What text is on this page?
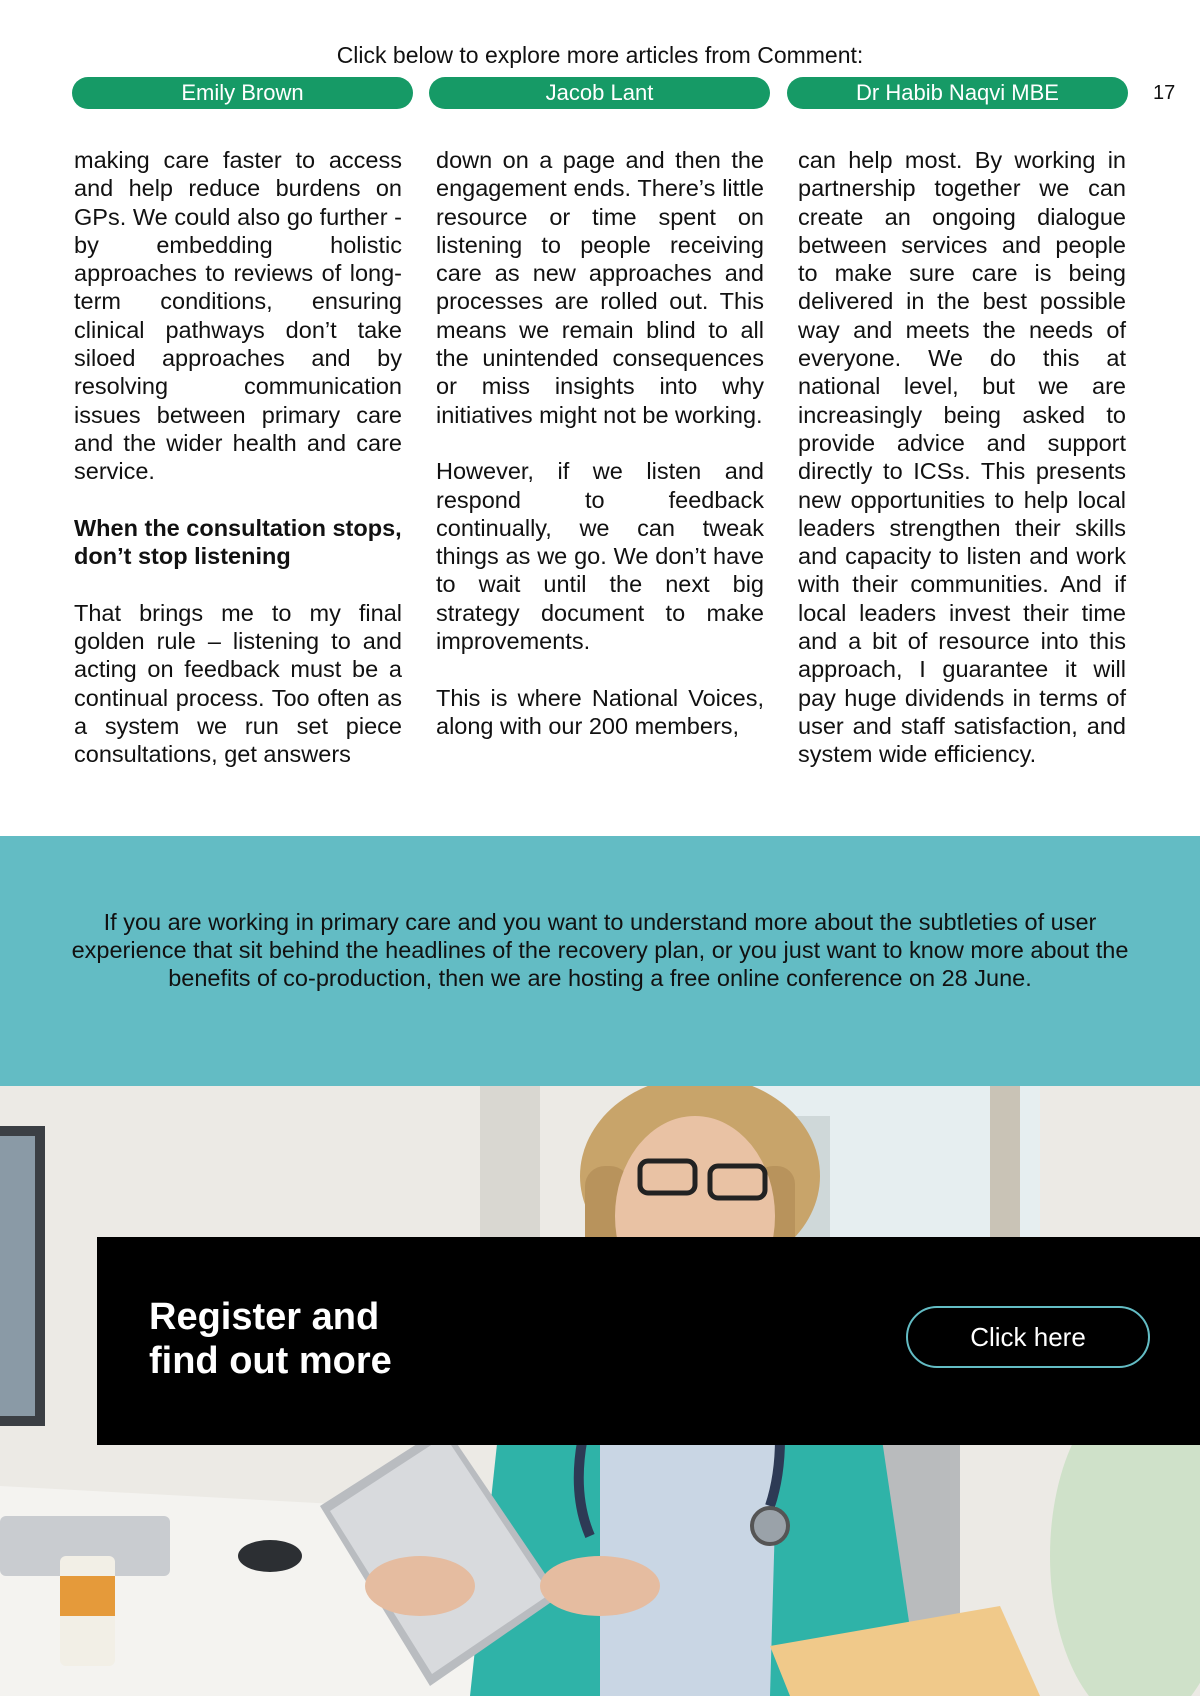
Click below to explore more articles from Comment:
Emily Brown	Jacob Lant	Dr Habib Naqvi MBE	17

making care faster to access and help reduce burdens on GPs. We could also go further - by embedding holistic approaches to reviews of long-term conditions, ensuring clinical pathways don’t take siloed approaches and by resolving communication issues between primary care and the wider health and care service.

When the consultation stops, don’t stop listening

That brings me to my final golden rule – listening to and acting on feedback must be a continual process. Too often as a system we run set piece consultations, get answers

down on a page and then the engagement ends. There’s little resource or time spent on listening to people receiving care as new approaches and processes are rolled out. This means we remain blind to all the unintended consequences or miss insights into why initiatives might not be working.

However, if we listen and respond to feedback continually, we can tweak things as we go. We don’t have to wait until the next big strategy document to make improvements.

This is where National Voices, along with our 200 members,

can help most. By working in partnership together we can create an ongoing dialogue between services and people to make sure care is being delivered in the best possible way and meets the needs of everyone. We do this at national level, but we are increasingly being asked to provide advice and support directly to ICSs. This presents new opportunities to help local leaders strengthen their skills and capacity to listen and work with their communities. And if local leaders invest their time and a bit of resource into this approach, I guarantee it will pay huge dividends in terms of user and staff satisfaction, and system wide efficiency.

If you are working in primary care and you want to understand more about the subtleties of user experience that sit behind the headlines of the recovery plan, or you just want to know more about the benefits of co-production, then we are hosting a free online conference on 28 June.
Register and
find out more
Click here
